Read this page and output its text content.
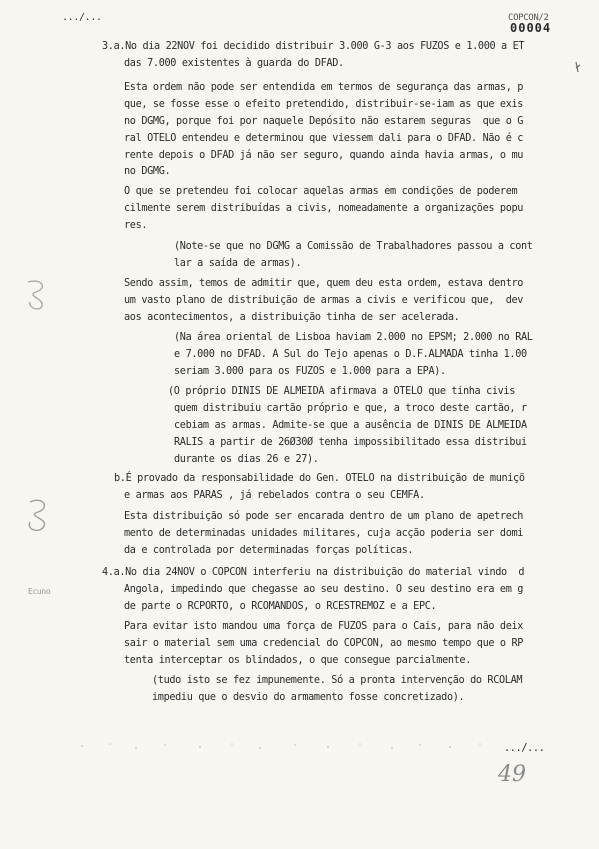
.../...	COPCON/2
00004
3.a.No dia 22NOV foi decidido distribuir 3.000 G-3 aos FUZOS e 1.000 a ET
das 7.000 existentes à guarda do DFAD.
Esta ordem não pode ser entendida em termos de segurança das armas, p
que, se fosse esse o efeito pretendido, distribuir-se-iam as que exis
no DGMG, porque foi por naquele Depósito não estarem seguras  que o G
ral OTELO entendeu e determinou que viessem dali para o DFAD. Não é c
rente depois o DFAD já não ser seguro, quando ainda havia armas, o mu
no DGMG.
O que se pretendeu foi colocar aquelas armas em condições de poderem
cilmente serem distribuídas a civis, nomeadamente a organizações popu
res.
(Note-se que no DGMG a Comissão de Trabalhadores passou a cont
lar a saída de armas).
Sendo assim, temos de admitir que, quem deu esta ordem, estava dentro
um vasto plano de distribuição de armas a civis e verificou que,  dev
aos acontecimentos, a distribuição tinha de ser acelerada.
(Na área oriental de Lisboa haviam 2.000 no EPSM; 2.000 no RAL
e 7.000 no DFAD. A Sul do Tejo apenas o D.F.ALMADA tinha 1.00
seriam 3.000 para os FUZOS e 1.000 para a EPA).
(O próprio DINIS DE ALMEIDA afirmava a OTELO que tinha civis
quem distribuiu cartão próprio e que, a troco deste cartão, r
cebiam as armas. Admite-se que a ausência de DINIS DE ALMEIDA
RALIS a partir de 26Ø30Ø tenha impossibilitado essa distribui
durante os dias 26 e 27).
b.É provado da responsabilidade do Gen. OTELO na distribuição de muniçõ
e armas aos PARAS , já rebelados contra o seu CEMFA.
Esta distribuição só pode ser encarada dentro de um plano de apetrech
mento de determinadas unidades militares, cuja acção poderia ser domi
da e controlada por determinadas forças políticas.
4.a.No dia 24NOV o COPCON interferiu na distribuição do material vindo  d
Angola, impedindo que chegasse ao seu destino. O seu destino era em g
de parte o RCPORTO, o RCOMANDOS, o RCESTREMOZ e a EPC.
Para evitar isto mandou uma força de FUZOS para o Cais, para não deix
sair o material sem uma credencial do COPCON, ao mesmo tempo que o RP
tenta interceptar os blindados, o que consegue parcialmente.
(tudo isto se fez impunemente. Só a pronta intervenção do RCOLAM
impediu que o desvio do armamento fosse concretizado).
.../...
Ecuno
49
